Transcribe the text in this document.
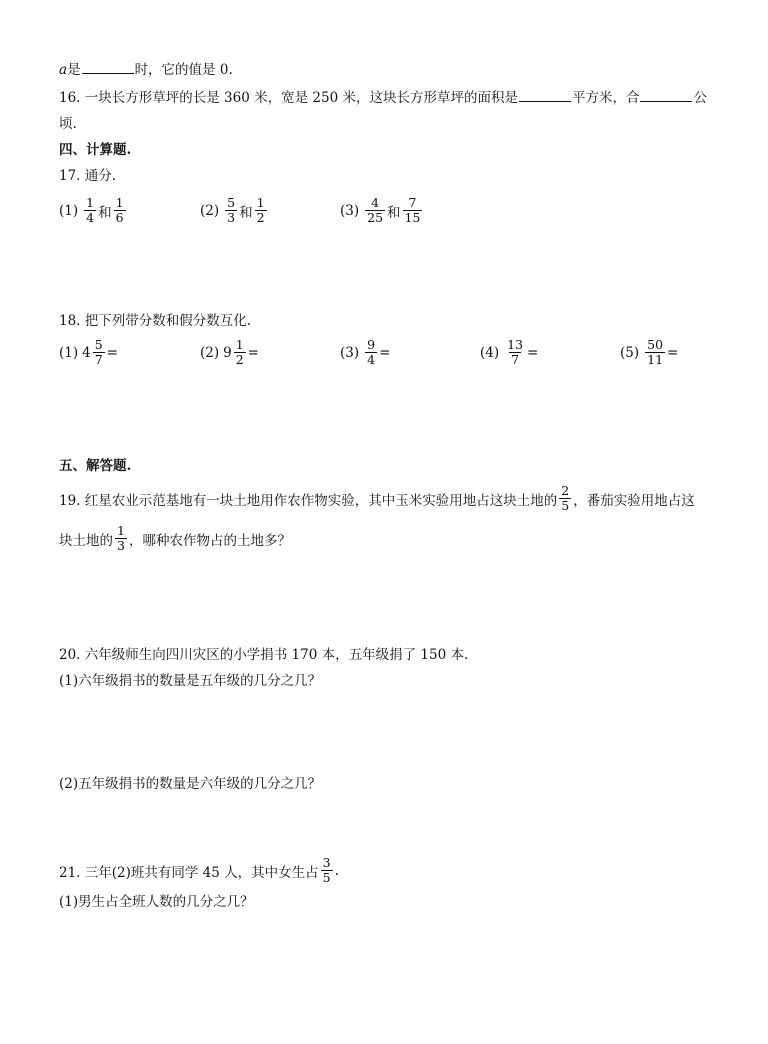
a是	时，它的值是 0.
16. 一块长方形草坪的长是 360 米，宽是 250 米，这块长方形草坪的面积是	平方米，合	公
顷.
四、计算题.
17. 通分.
$(1) \frac{1}{4}$ 和 $\frac{1}{6}$	$(2) \frac{5}{3}$ 和 $\frac{1}{2}$	$(3) \frac{4}{25}$ 和 $\frac{7}{15}$
18. 把下列带分数和假分数互化.
(1) $4 \frac{5}{7}$ =	(2) $9 \frac{1}{2}$ =	$(3) \frac{9}{4}$ =	$(4) \frac{13}{7}$ =	$(5) \frac{50}{11}$ =
五、解答题.
19. 红星农业示范基地有一块土地用作农作物实验，其中玉米实验用地占这块土地的 $\frac{2}{5}$ ，番茄实验用地占这
块土地的 $\frac{1}{3}$ ，哪种农作物占的土地多？
20. 六年级师生向四川灾区的小学捐书 170 本，五年级捐了 150 本.
(1)六年级捐书的数量是五年级的几分之几？
(2)五年级捐书的数量是六年级的几分之几？
21. 三年(2)班共有同学 45 人，其中女生占 $\frac{3}{5}$ .
(1)男生占全班人数的几分之几？
